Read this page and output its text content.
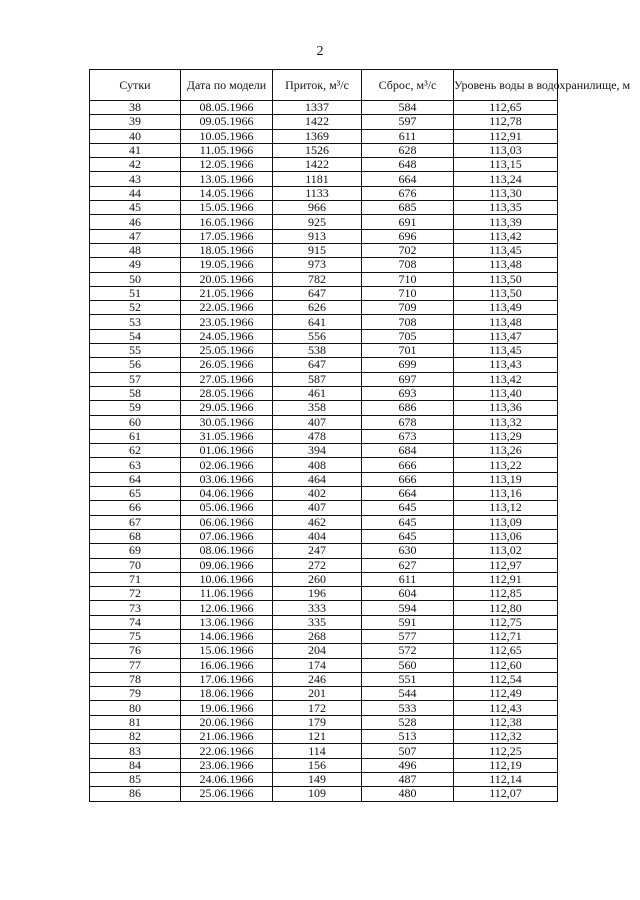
2
Сутки	Дата по модели	Приток, м³/с	Сброс, м³/с	Уровень воды в водохранилище, м
38	08.05.1966	1337	584	112,65
39	09.05.1966	1422	597	112,78
40	10.05.1966	1369	611	112,91
41	11.05.1966	1526	628	113,03
42	12.05.1966	1422	648	113,15
43	13.05.1966	1181	664	113,24
44	14.05.1966	1133	676	113,30
45	15.05.1966	966	685	113,35
46	16.05.1966	925	691	113,39
47	17.05.1966	913	696	113,42
48	18.05.1966	915	702	113,45
49	19.05.1966	973	708	113,48
50	20.05.1966	782	710	113,50
51	21.05.1966	647	710	113,50
52	22.05.1966	626	709	113,49
53	23.05.1966	641	708	113,48
54	24.05.1966	556	705	113,47
55	25.05.1966	538	701	113,45
56	26.05.1966	647	699	113,43
57	27.05.1966	587	697	113,42
58	28.05.1966	461	693	113,40
59	29.05.1966	358	686	113,36
60	30.05.1966	407	678	113,32
61	31.05.1966	478	673	113,29
62	01.06.1966	394	684	113,26
63	02.06.1966	408	666	113,22
64	03.06.1966	464	666	113,19
65	04.06.1966	402	664	113,16
66	05.06.1966	407	645	113,12
67	06.06.1966	462	645	113,09
68	07.06.1966	404	645	113,06
69	08.06.1966	247	630	113,02
70	09.06.1966	272	627	112,97
71	10.06.1966	260	611	112,91
72	11.06.1966	196	604	112,85
73	12.06.1966	333	594	112,80
74	13.06.1966	335	591	112,75
75	14.06.1966	268	577	112,71
76	15.06.1966	204	572	112,65
77	16.06.1966	174	560	112,60
78	17.06.1966	246	551	112,54
79	18.06.1966	201	544	112,49
80	19.06.1966	172	533	112,43
81	20.06.1966	179	528	112,38
82	21.06.1966	121	513	112,32
83	22.06.1966	114	507	112,25
84	23.06.1966	156	496	112,19
85	24.06.1966	149	487	112,14
86	25.06.1966	109	480	112,07
